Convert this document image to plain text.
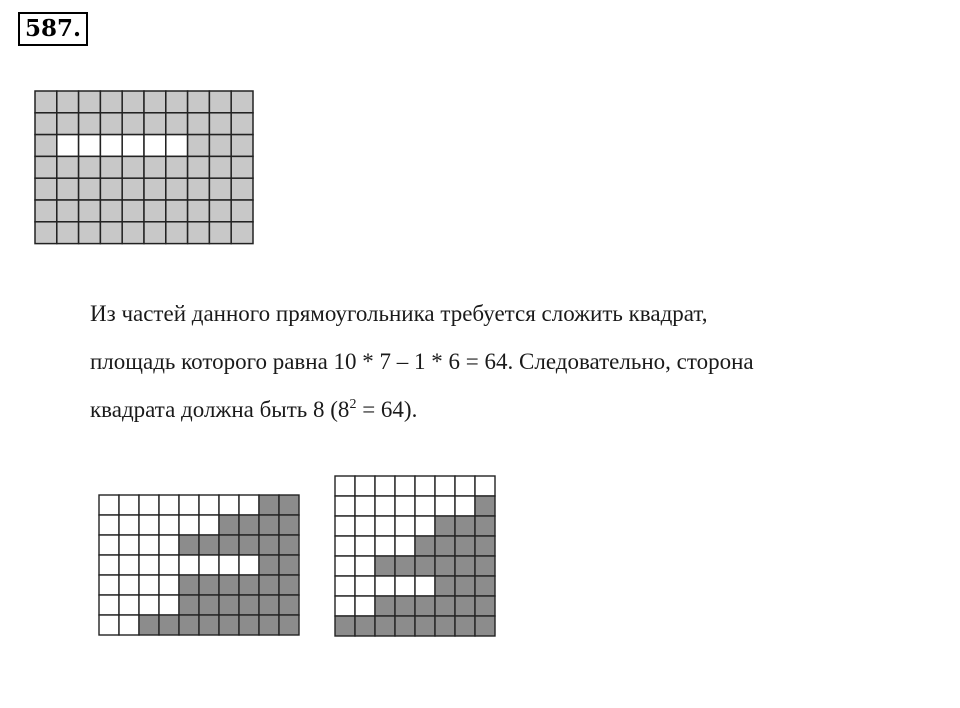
587.
Из частей данного прямоугольника требуется сложить квадрат,
площадь которого равна 10 * 7 – 1 * 6 = 64. Следовательно, сторона
квадрата должна быть 8 $(8^2 = 64)$.
